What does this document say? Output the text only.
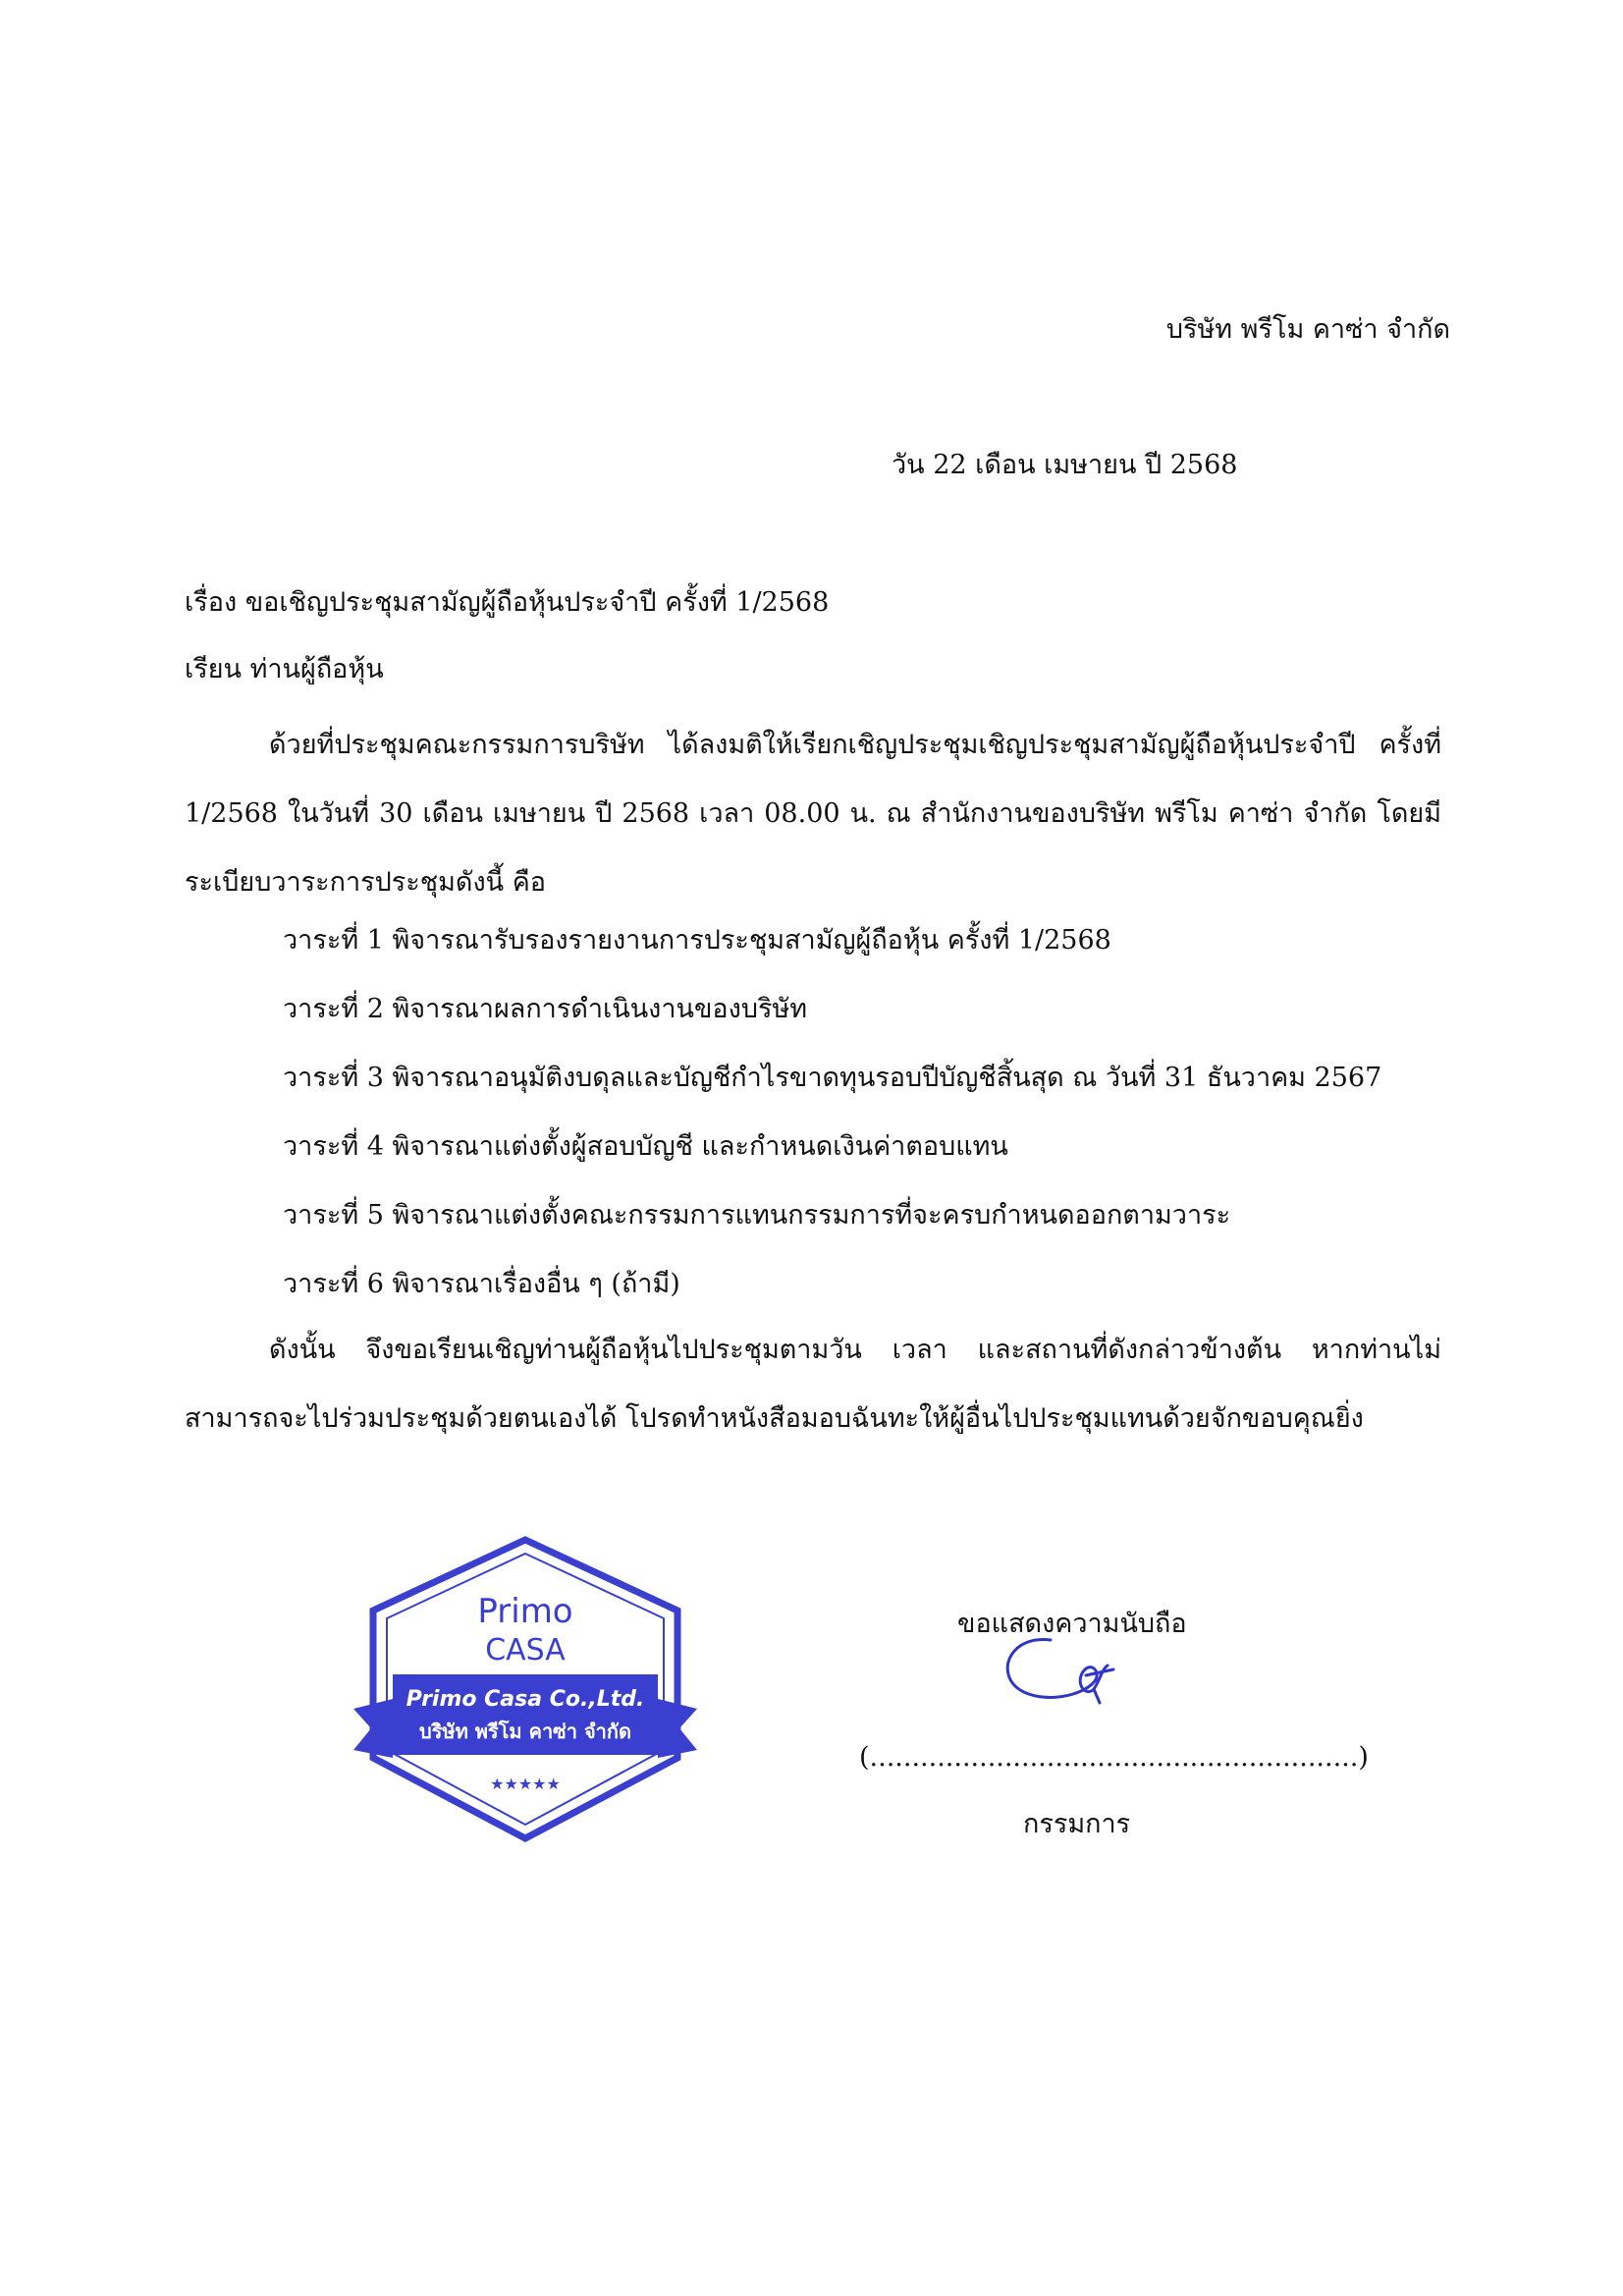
บริษัท พรีโม คาซ่า จำกัด
วัน 22 เดือน เมษายน ปี 2568
เรื่อง ขอเชิญประชุมสามัญผู้ถือหุ้นประจำปี ครั้งที่ 1/2568
เรียน ท่านผู้ถือหุ้น
ด้วยที่ประชุมคณะกรรมการบริษัท ได้ลงมติให้เรียกเชิญประชุมเชิญประชุมสามัญผู้ถือหุ้นประจำปี ครั้งที่ 1/2568 ในวันที่ 30 เดือน เมษายน ปี 2568 เวลา 08.00 น. ณ สำนักงานของบริษัท พรีโม คาซ่า จำกัด โดยมีระเบียบวาระการประชุมดังนี้ คือ
วาระที่ 1 พิจารณารับรองรายงานการประชุมสามัญผู้ถือหุ้น ครั้งที่ 1/2568
วาระที่ 2 พิจารณาผลการดำเนินงานของบริษัท
วาระที่ 3 พิจารณาอนุมัติงบดุลและบัญชีกำไรขาดทุนรอบปีบัญชีสิ้นสุด ณ วันที่ 31 ธันวาคม 2567
วาระที่ 4 พิจารณาแต่งตั้งผู้สอบบัญชี และกำหนดเงินค่าตอบแทน
วาระที่ 5 พิจารณาแต่งตั้งคณะกรรมการแทนกรรมการที่จะครบกำหนดออกตามวาระ
วาระที่ 6 พิจารณาเรื่องอื่น ๆ (ถ้ามี)
ดังนั้น จึงขอเรียนเชิญท่านผู้ถือหุ้นไปประชุมตามวัน เวลา และสถานที่ดังกล่าวข้างต้น หากท่านไม่สามารถจะไปร่วมประชุมด้วยตนเองได้ โปรดทำหนังสือมอบฉันทะให้ผู้อื่นไปประชุมแทนด้วยจักขอบคุณยิ่ง
Primo
CASA
Primo Casa Co.,Ltd.
บริษัท พรีโม คาซ่า จำกัด
★★★★★
ขอแสดงความนับถือ
(..........................................................)
กรรมการ
